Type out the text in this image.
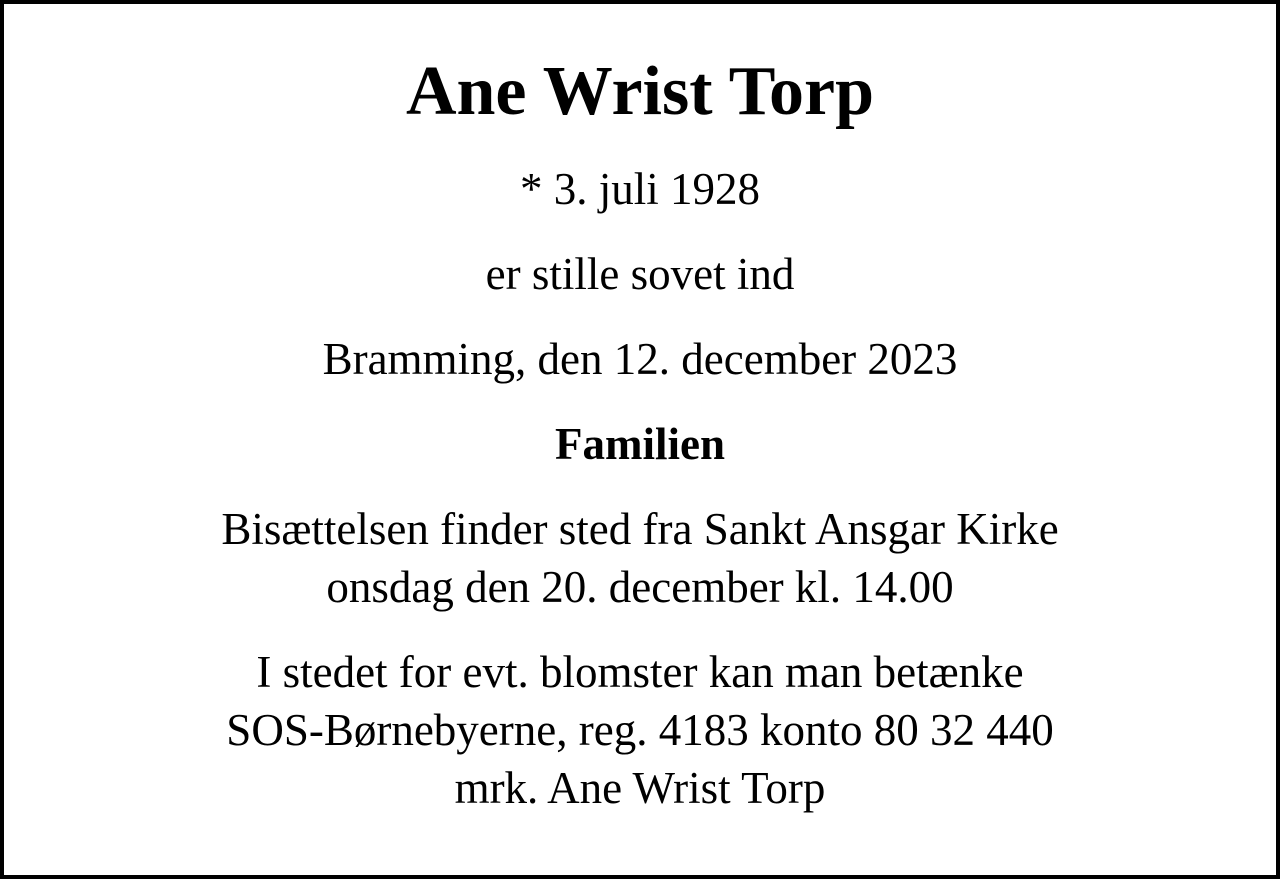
Ane Wrist Torp

* 3. juli 1928

er stille sovet ind

Bramming, den 12. december 2023

Familien

Bisættelsen finder sted fra Sankt Ansgar Kirke
onsdag den 20. december kl. 14.00

I stedet for evt. blomster kan man betænke
SOS-Børnebyerne, reg. 4183 konto 80 32 440
mrk. Ane Wrist Torp
